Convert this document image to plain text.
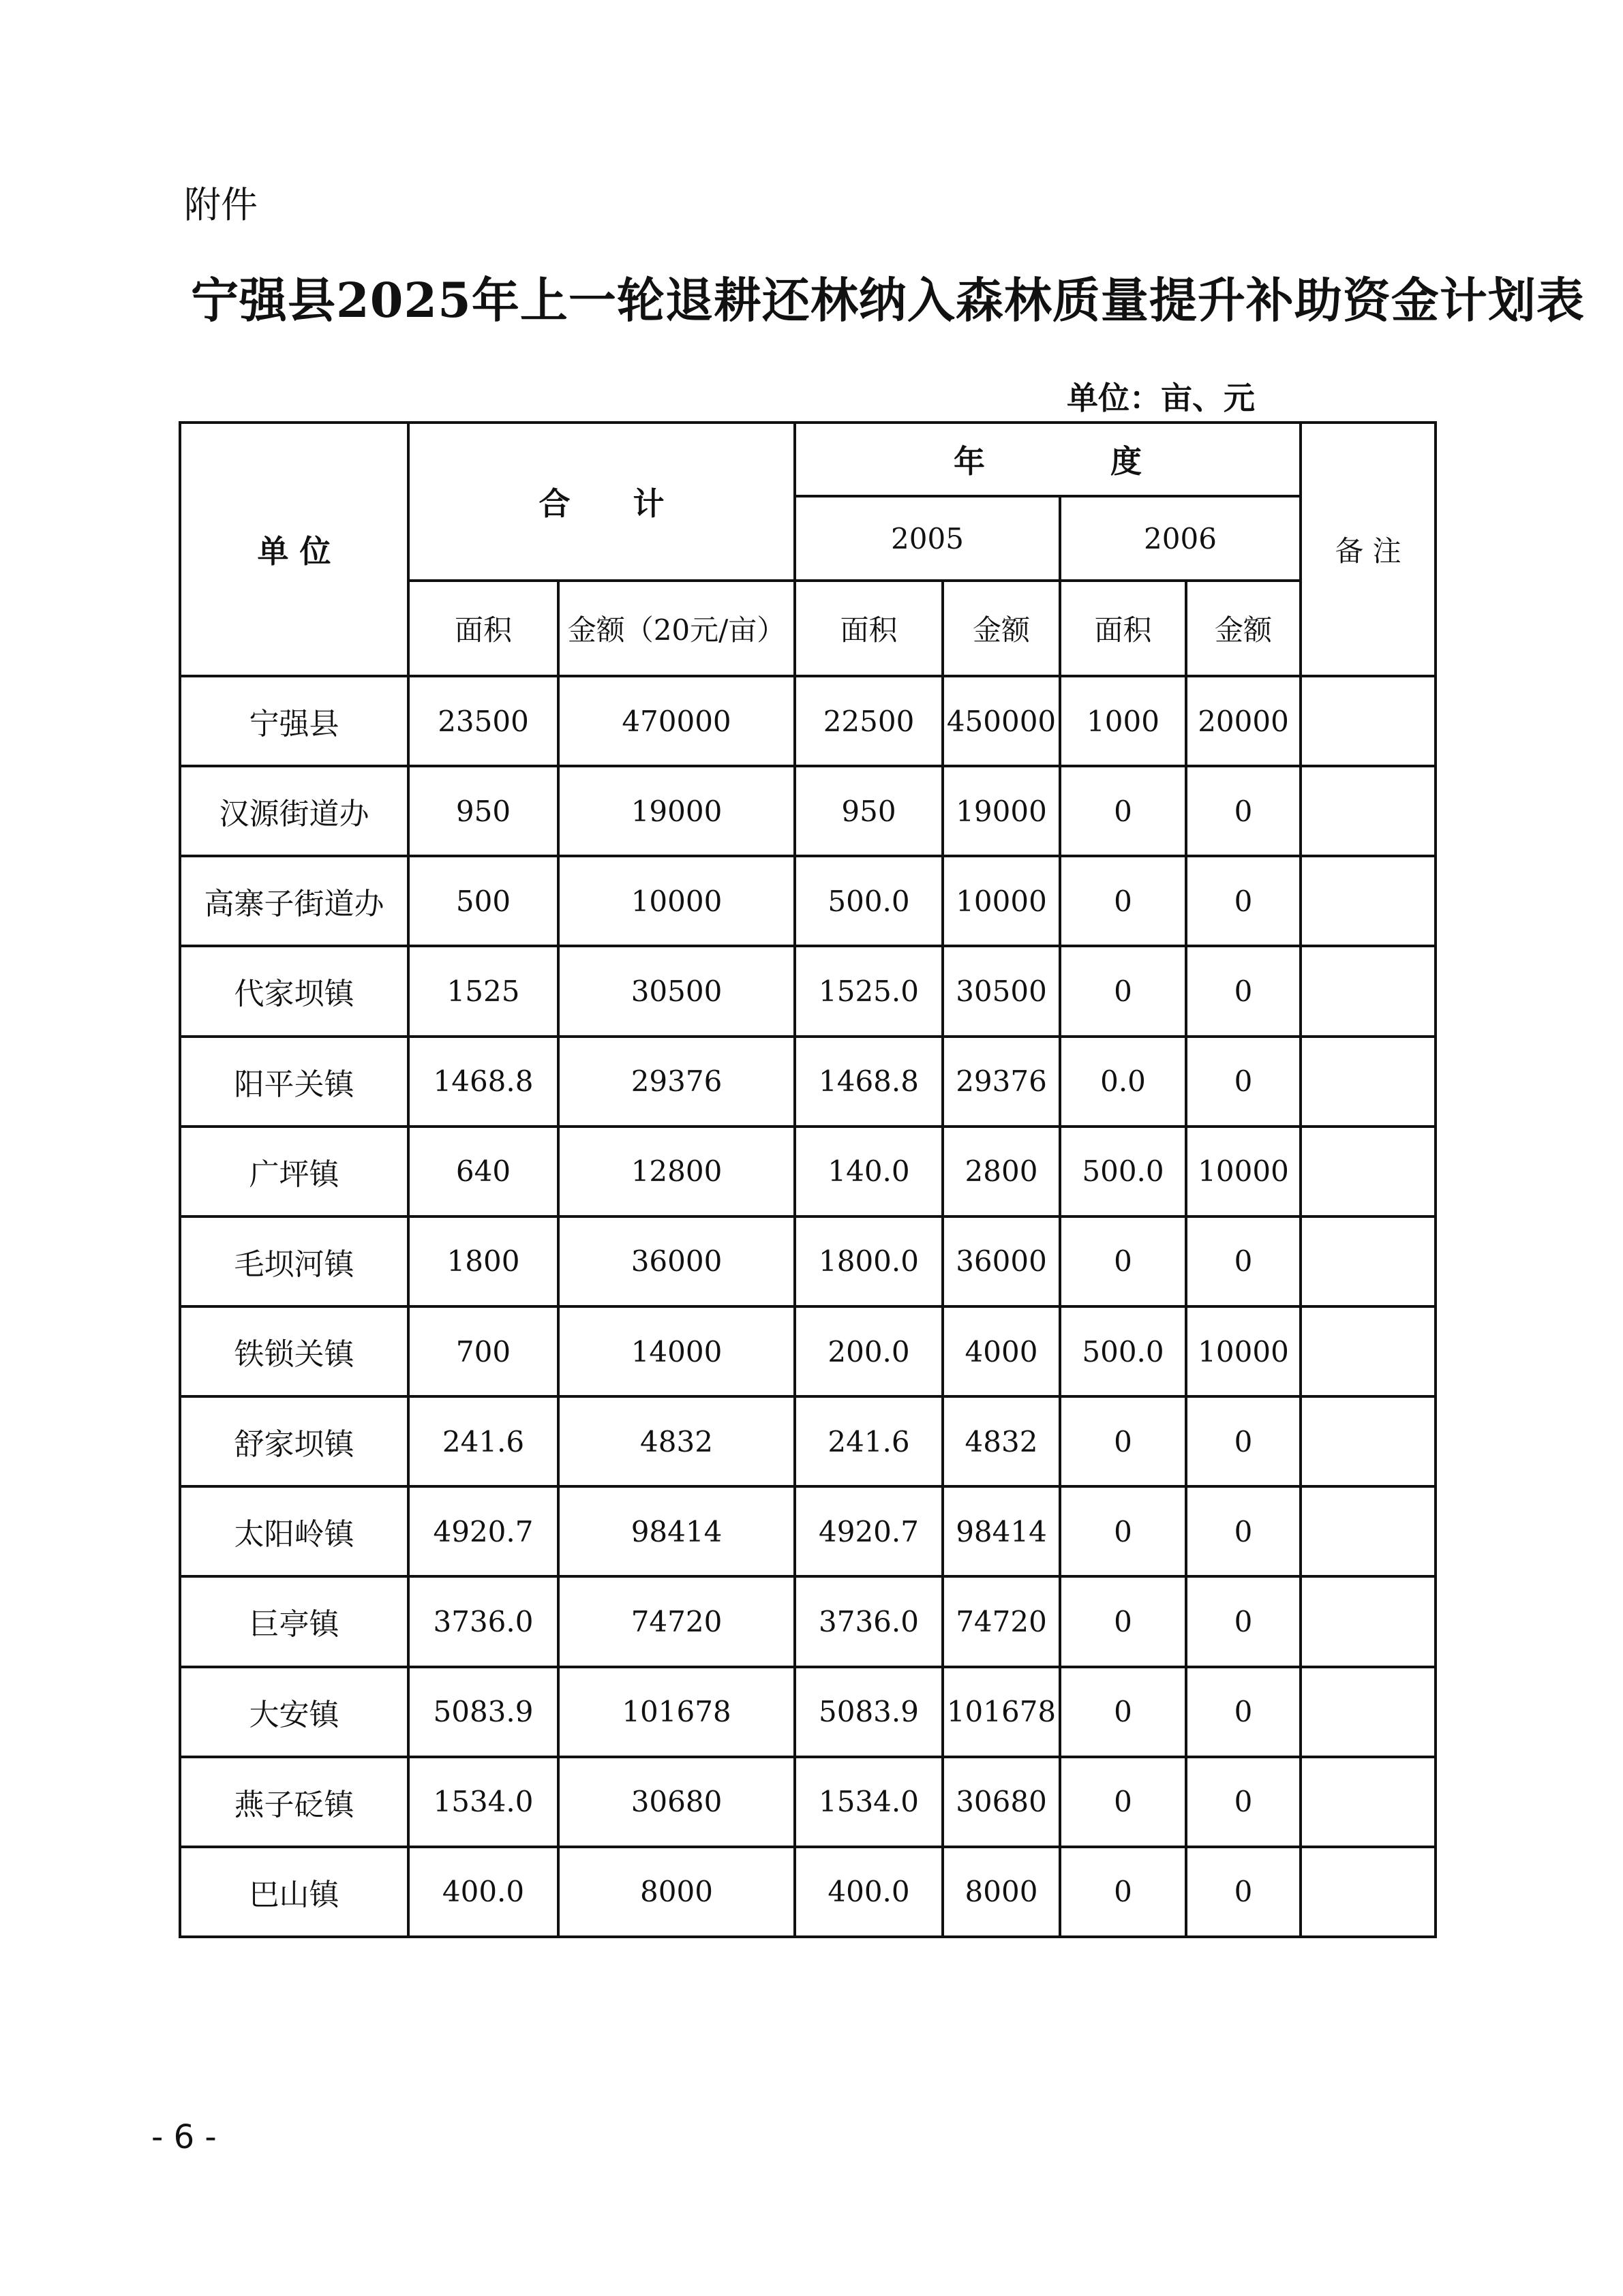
附件
宁强县2025年上一轮退耕还林纳入森林质量提升补助资金计划表
单位：亩、元
单 位	合　　计		年　　　　度				备 注
			2005		2006		
	面积	金额（20元/亩）	面积	金额	面积	金额	
宁强县	23500	470000	22500	450000	1000	20000	
汉源街道办	950	19000	950	19000	0	0	
高寨子街道办	500	10000	500.0	10000	0	0	
代家坝镇	1525	30500	1525.0	30500	0	0	
阳平关镇	1468.8	29376	1468.8	29376	0.0	0	
广坪镇	640	12800	140.0	2800	500.0	10000	
毛坝河镇	1800	36000	1800.0	36000	0	0	
铁锁关镇	700	14000	200.0	4000	500.0	10000	
舒家坝镇	241.6	4832	241.6	4832	0	0	
太阳岭镇	4920.7	98414	4920.7	98414	0	0	
巨亭镇	3736.0	74720	3736.0	74720	0	0	
大安镇	5083.9	101678	5083.9	101678	0	0	
燕子砭镇	1534.0	30680	1534.0	30680	0	0	
巴山镇	400.0	8000	400.0	8000	0	0	
- 6 -
